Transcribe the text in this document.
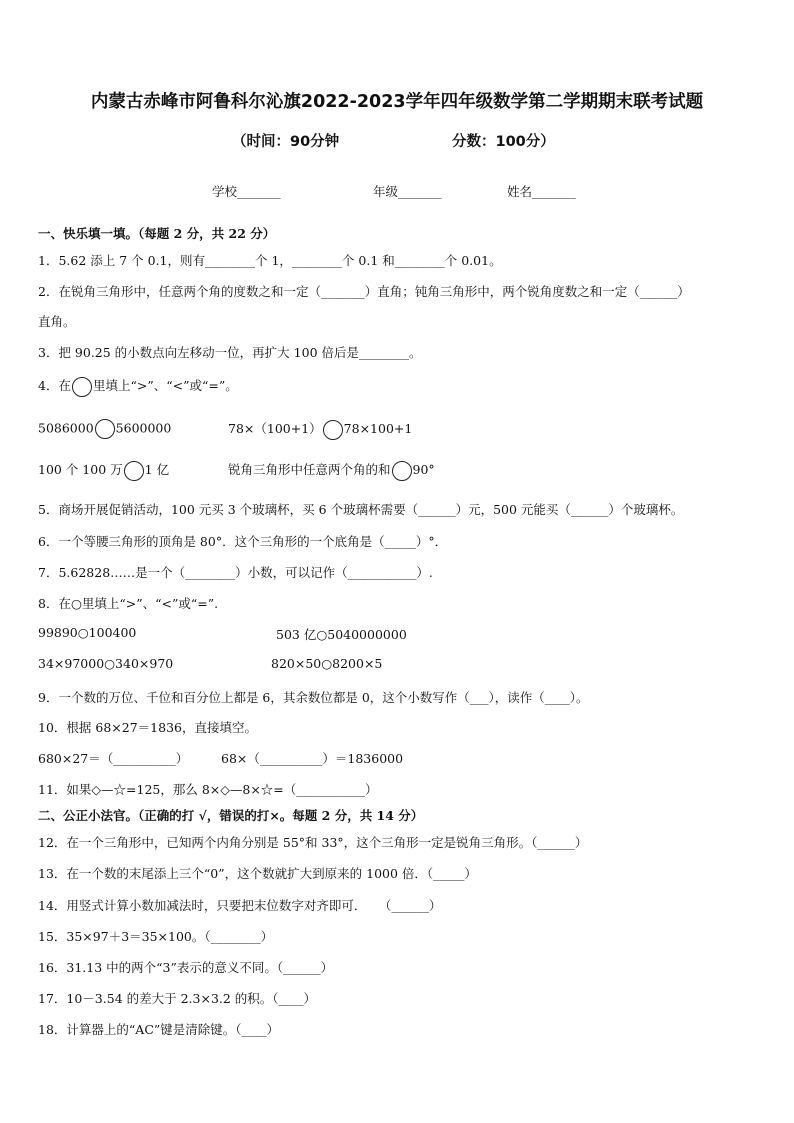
内蒙古赤峰市阿鲁科尔沁旗2022-2023学年四年级数学第二学期期末联考试题
（时间：90分钟	分数：100分）
学校_______	年级_______	姓名_______
一、快乐填一填。（每题 2 分，共 22 分）
1．5.62 添上 7 个 0.1，则有________个 1，________个 0.1 和________个 0.01。
2．在锐角三角形中，任意两个角的度数之和一定（_______）直角；钝角三角形中，两个锐角度数之和一定（______）
直角。
3．把 90.25 的小数点向左移动一位，再扩大 100 倍后是________。
4．在 里填上“>”、“<”或“=”。
5086000 5600000	78×（100+1） 78×100+1
100 个 100 万 1 亿	锐角三角形中任意两个角的和 90°
5．商场开展促销活动，100 元买 3 个玻璃杯，买 6 个玻璃杯需要（______）元，500 元能买（______）个玻璃杯。
6．一个等腰三角形的顶角是 80°．这个三角形的一个底角是（_____）°．
7．5.62828……是一个（________）小数，可以记作（___________）.
8．在○里填上“>”、“<”或“=”.
99890○100400	503 亿○5040000000
34×97000○340×970	820×50○8200×5
9．一个数的万位、千位和百分位上都是 6，其余数位都是 0，这个小数写作（___），读作（____）。
10．根据 68×27＝1836，直接填空。
680×27＝（__________）	68×（__________）＝1836000
11．如果◇—☆=125，那么 8×◇—8×☆=（___________）
二、公正小法官。（正确的打 √，错误的打×。每题 2 分，共 14 分）
12．在一个三角形中，已知两个内角分别是 55°和 33°，这个三角形一定是锐角三角形。（______）
13．在一个数的末尾添上三个“0”，这个数就扩大到原来的 1000 倍．（_____）
14．用竖式计算小数加减法时，只要把末位数字对齐即可．　　（______）
15．35×97＋3＝35×100。（________）
16．31.13 中的两个“3”表示的意义不同。（______）
17．10－3.54 的差大于 2.3×3.2 的积。（____）
18．计算器上的“AC”键是清除键。（____）
